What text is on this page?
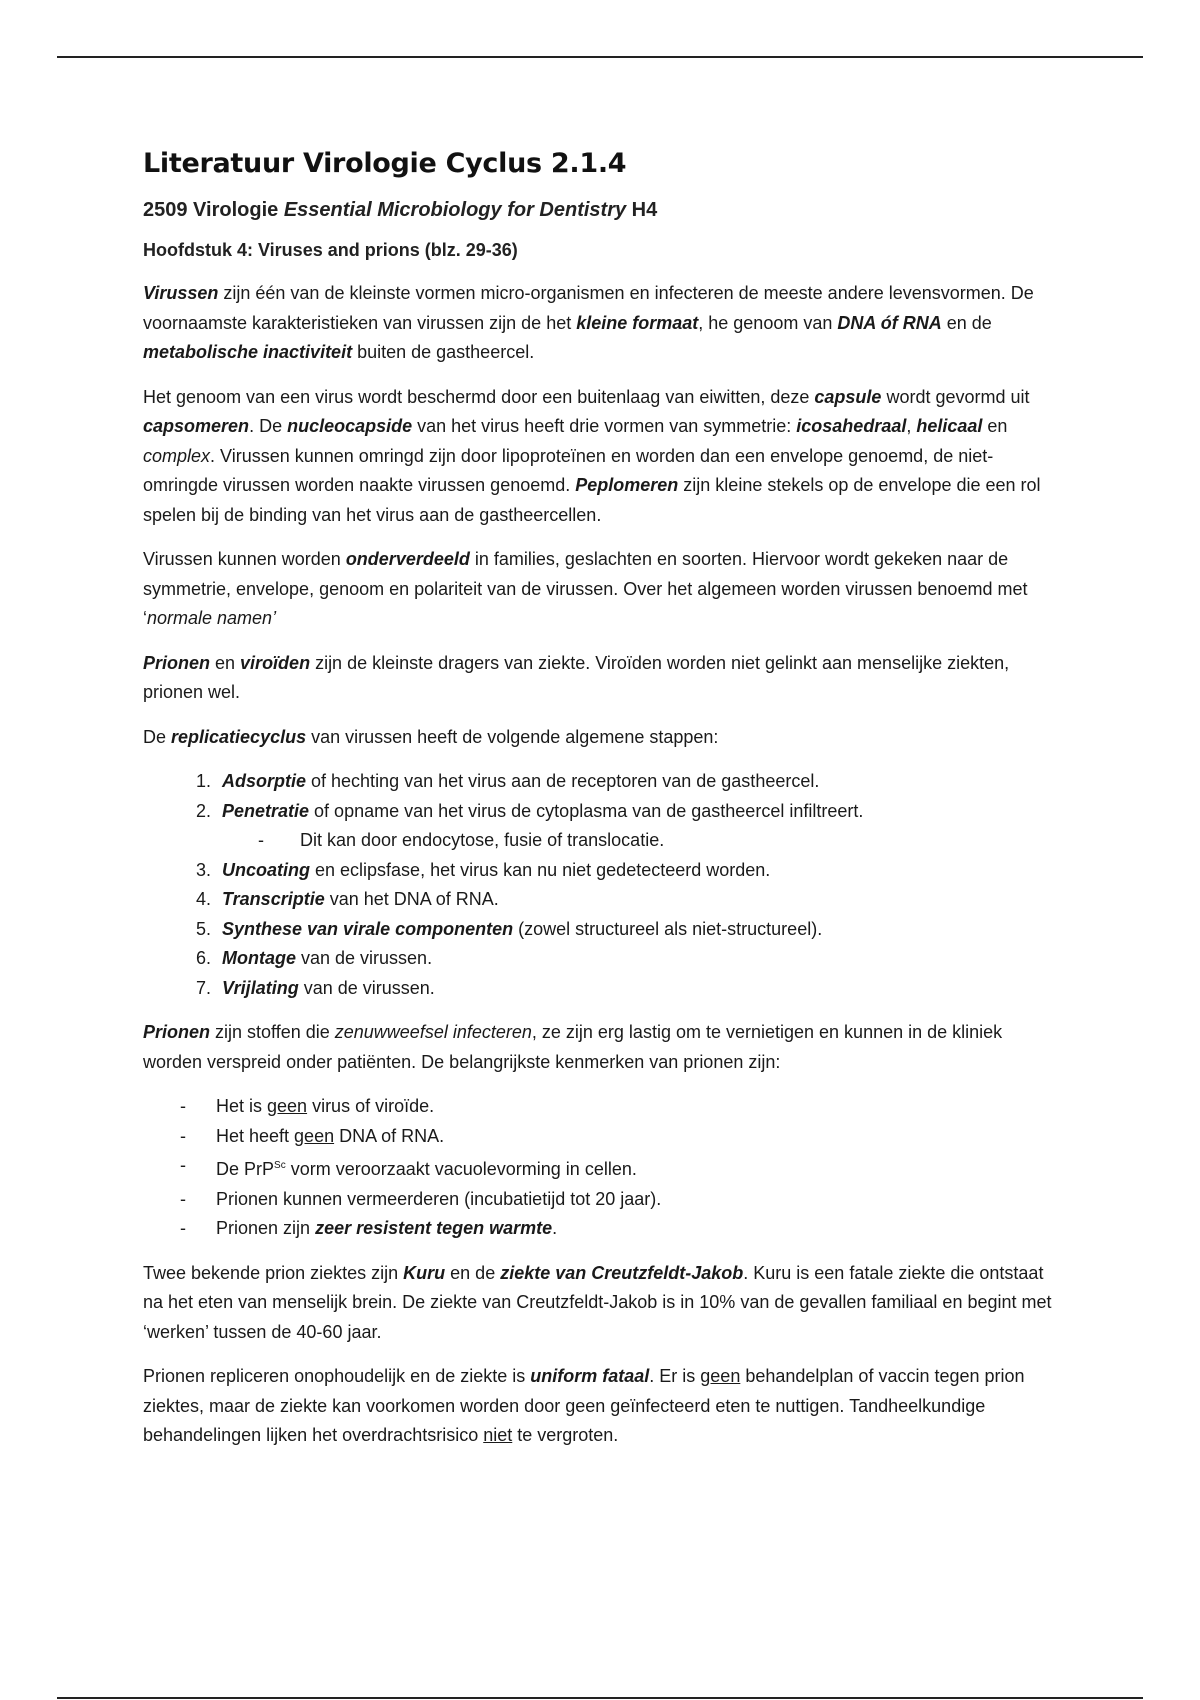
Literatuur Virologie Cyclus 2.1.4
2509 Virologie Essential Microbiology for Dentistry H4
Hoofdstuk 4: Viruses and prions (blz. 29-36)

Virussen zijn één van de kleinste vormen micro-organismen en infecteren de meeste andere levensvormen. De voornaamste karakteristieken van virussen zijn de het kleine formaat, he genoom van DNA óf RNA en de metabolische inactiviteit buiten de gastheercel.

Het genoom van een virus wordt beschermd door een buitenlaag van eiwitten, deze capsule wordt gevormd uit capsomeren. De nucleocapside van het virus heeft drie vormen van symmetrie: icosahedraal, helicaal en complex. Virussen kunnen omringd zijn door lipoproteïnen en worden dan een envelope genoemd, de niet-omringde virussen worden naakte virussen genoemd. Peplomeren zijn kleine stekels op de envelope die een rol spelen bij de binding van het virus aan de gastheercellen.

Virussen kunnen worden onderverdeeld in families, geslachten en soorten. Hiervoor wordt gekeken naar de symmetrie, envelope, genoom en polariteit van de virussen. Over het algemeen worden virussen benoemd met ‘normale namen’

Prionen en viroïden zijn de kleinste dragers van ziekte. Viroïden worden niet gelinkt aan menselijke ziekten, prionen wel.

De replicatiecyclus van virussen heeft de volgende algemene stappen:

1. Adsorptie of hechting van het virus aan de receptoren van de gastheercel.
2. Penetratie of opname van het virus de cytoplasma van de gastheercel infiltreert.
- Dit kan door endocytose, fusie of translocatie.
3. Uncoating en eclipsfase, het virus kan nu niet gedetecteerd worden.
4. Transcriptie van het DNA of RNA.
5. Synthese van virale componenten (zowel structureel als niet-structureel).
6. Montage van de virussen.
7. Vrijlating van de virussen.

Prionen zijn stoffen die zenuwweefsel infecteren, ze zijn erg lastig om te vernietigen en kunnen in de kliniek worden verspreid onder patiënten. De belangrijkste kenmerken van prionen zijn:

- Het is geen virus of viroïde.
- Het heeft geen DNA of RNA.
- De PrP$^{Sc}$ vorm veroorzaakt vacuolevorming in cellen.
- Prionen kunnen vermeerderen (incubatietijd tot 20 jaar).
- Prionen zijn zeer resistent tegen warmte.

Twee bekende prion ziektes zijn Kuru en de ziekte van Creutzfeldt-Jakob. Kuru is een fatale ziekte die ontstaat na het eten van menselijk brein. De ziekte van Creutzfeldt-Jakob is in 10% van de gevallen familiaal en begint met ‘werken’ tussen de 40-60 jaar.

Prionen repliceren onophoudelijk en de ziekte is uniform fataal. Er is geen behandelplan of vaccin tegen prion ziektes, maar de ziekte kan voorkomen worden door geen geïnfecteerd eten te nuttigen. Tandheelkundige behandelingen lijken het overdrachtsrisico niet te vergroten.
